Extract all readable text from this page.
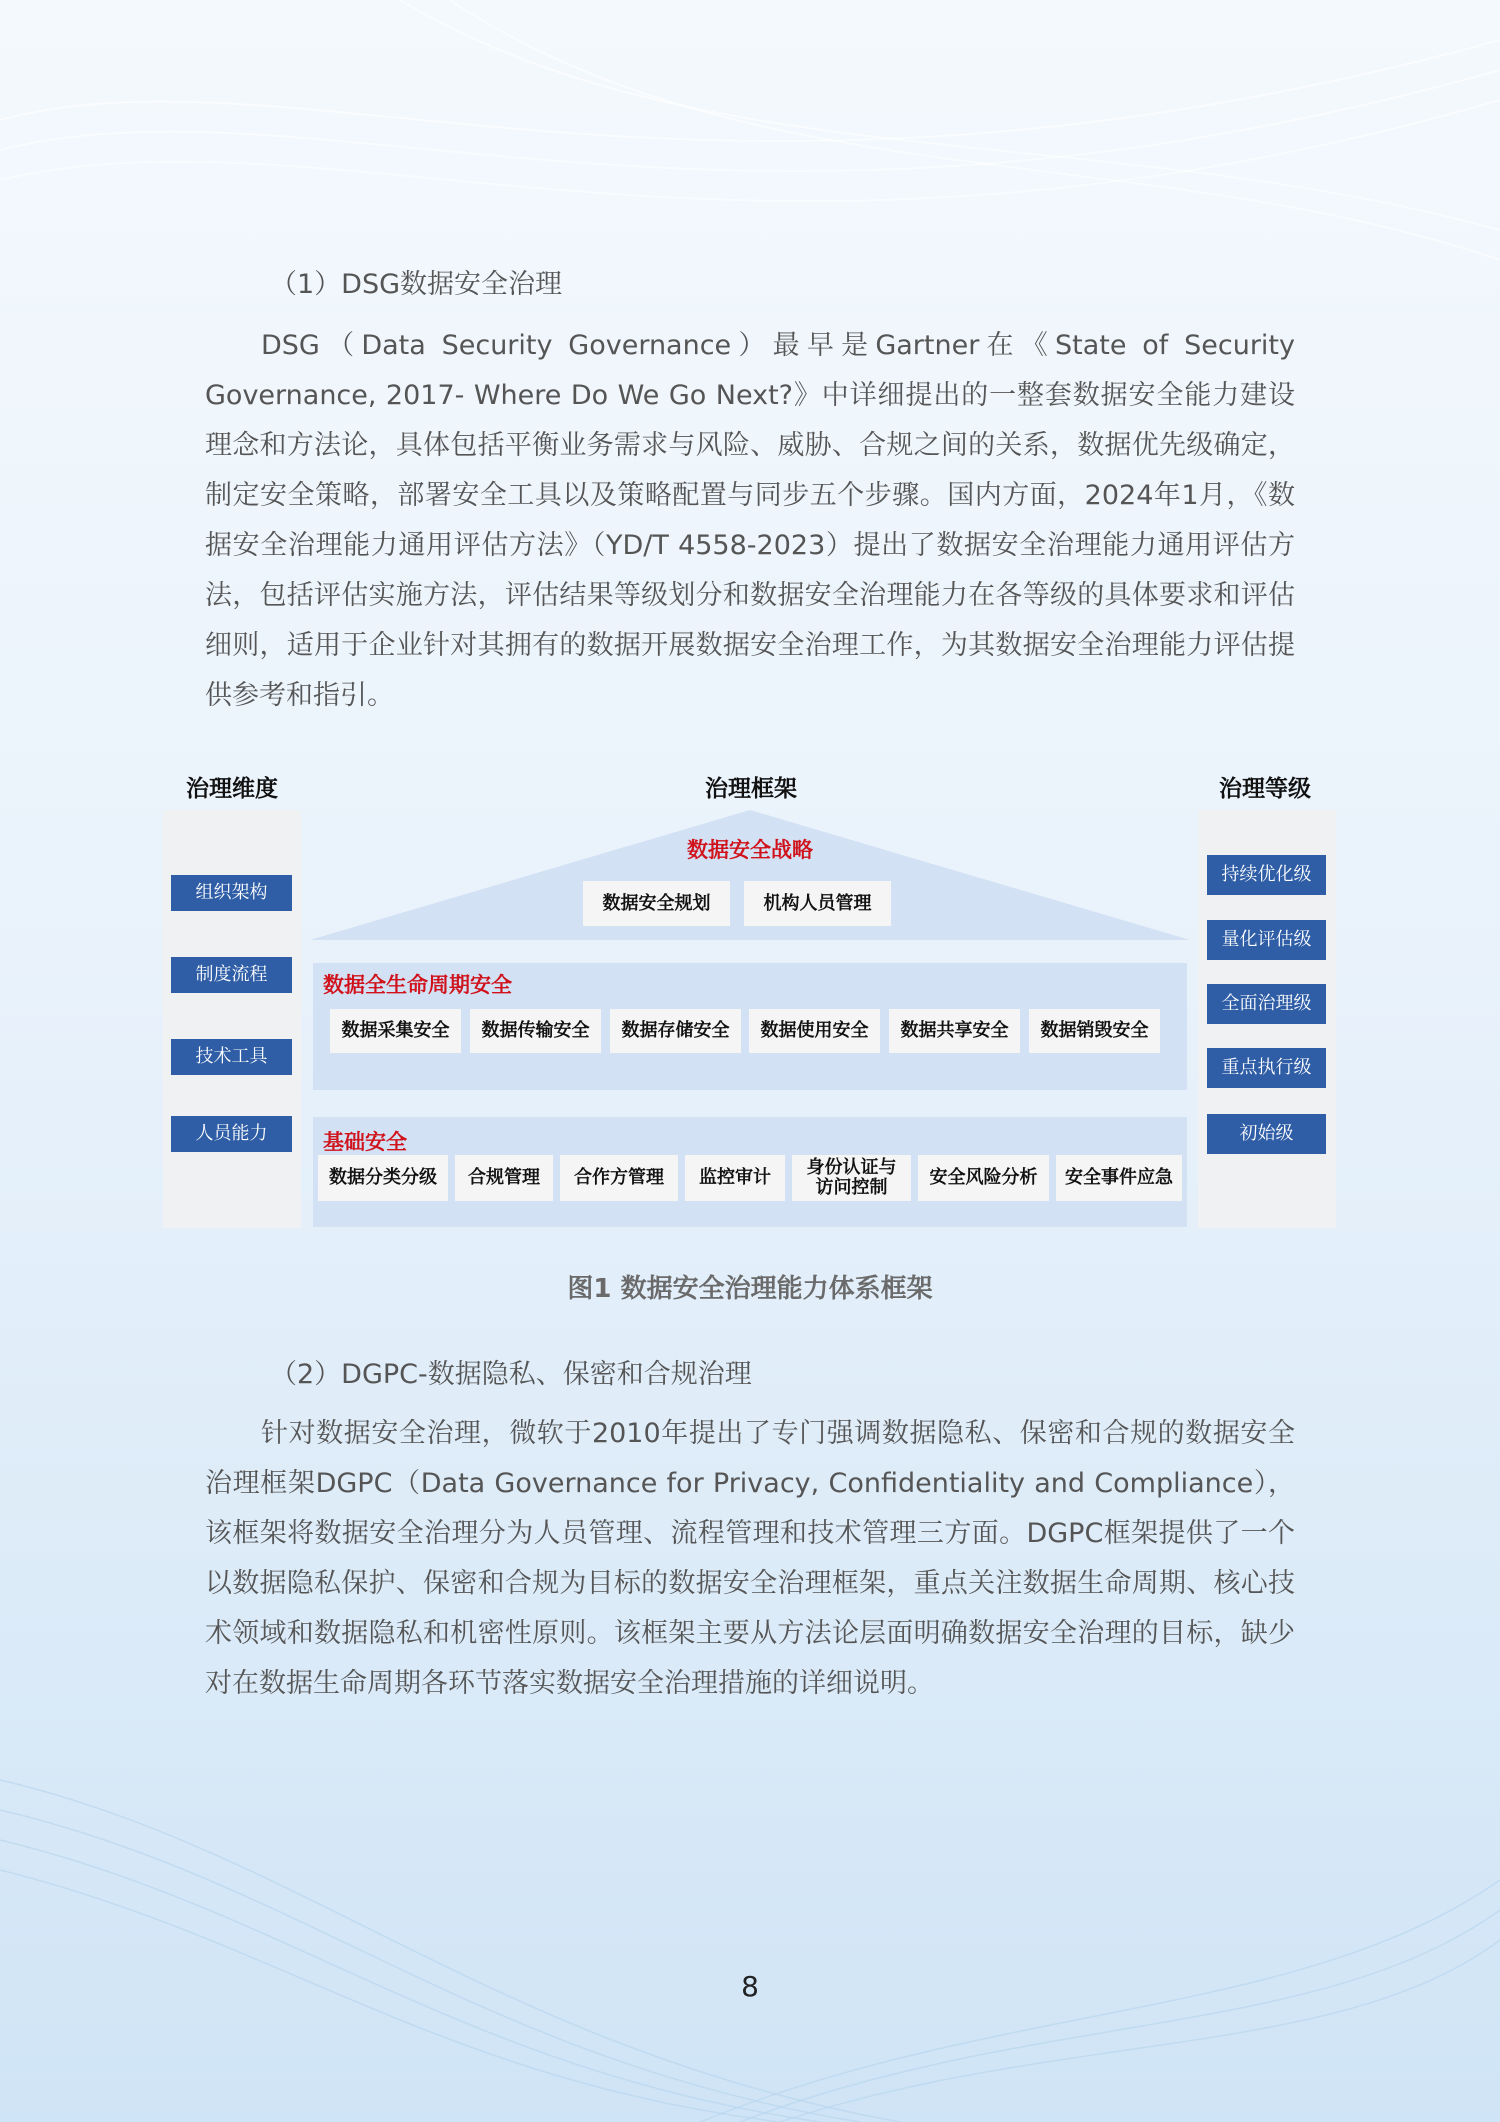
（1）DSG数据安全治理

DSG（Data Security Governance）最早是Gartner在《State of Security Governance, 2017- Where Do We Go Next?》中详细提出的一整套数据安全能力建设理念和方法论，具体包括平衡业务需求与风险、威胁、合规之间的关系，数据优先级确定，制定安全策略，部署安全工具以及策略配置与同步五个步骤。国内方面，2024年1月，《数据安全治理能力通用评估方法》（YD/T 4558-2023）提出了数据安全治理能力通用评估方法，包括评估实施方法，评估结果等级划分和数据安全治理能力在各等级的具体要求和评估细则，适用于企业针对其拥有的数据开展数据安全治理工作，为其数据安全治理能力评估提供参考和指引。

治理维度	治理框架	治理等级
组织架构
制度流程
技术工具
人员能力
持续优化级
量化评估级
全面治理级
重点执行级
初始级
数据安全战略
数据安全规划	机构人员管理
数据全生命周期安全
数据采集安全	数据传输安全	数据存储安全	数据使用安全	数据共享安全	数据销毁安全
基础安全
数据分类分级	合规管理	合作方管理	监控审计	身份认证与访问控制	安全风险分析	安全事件应急
图1 数据安全治理能力体系框架
（2）DGPC-数据隐私、保密和合规治理

针对数据安全治理，微软于2010年提出了专门强调数据隐私、保密和合规的数据安全治理框架DGPC（Data Governance for Privacy, Confidentiality and Compliance），该框架将数据安全治理分为人员管理、流程管理和技术管理三方面。DGPC框架提供了一个以数据隐私保护、保密和合规为目标的数据安全治理框架，重点关注数据生命周期、核心技术领域和数据隐私和机密性原则。该框架主要从方法论层面明确数据安全治理的目标，缺少对在数据生命周期各环节落实数据安全治理措施的详细说明。

8
